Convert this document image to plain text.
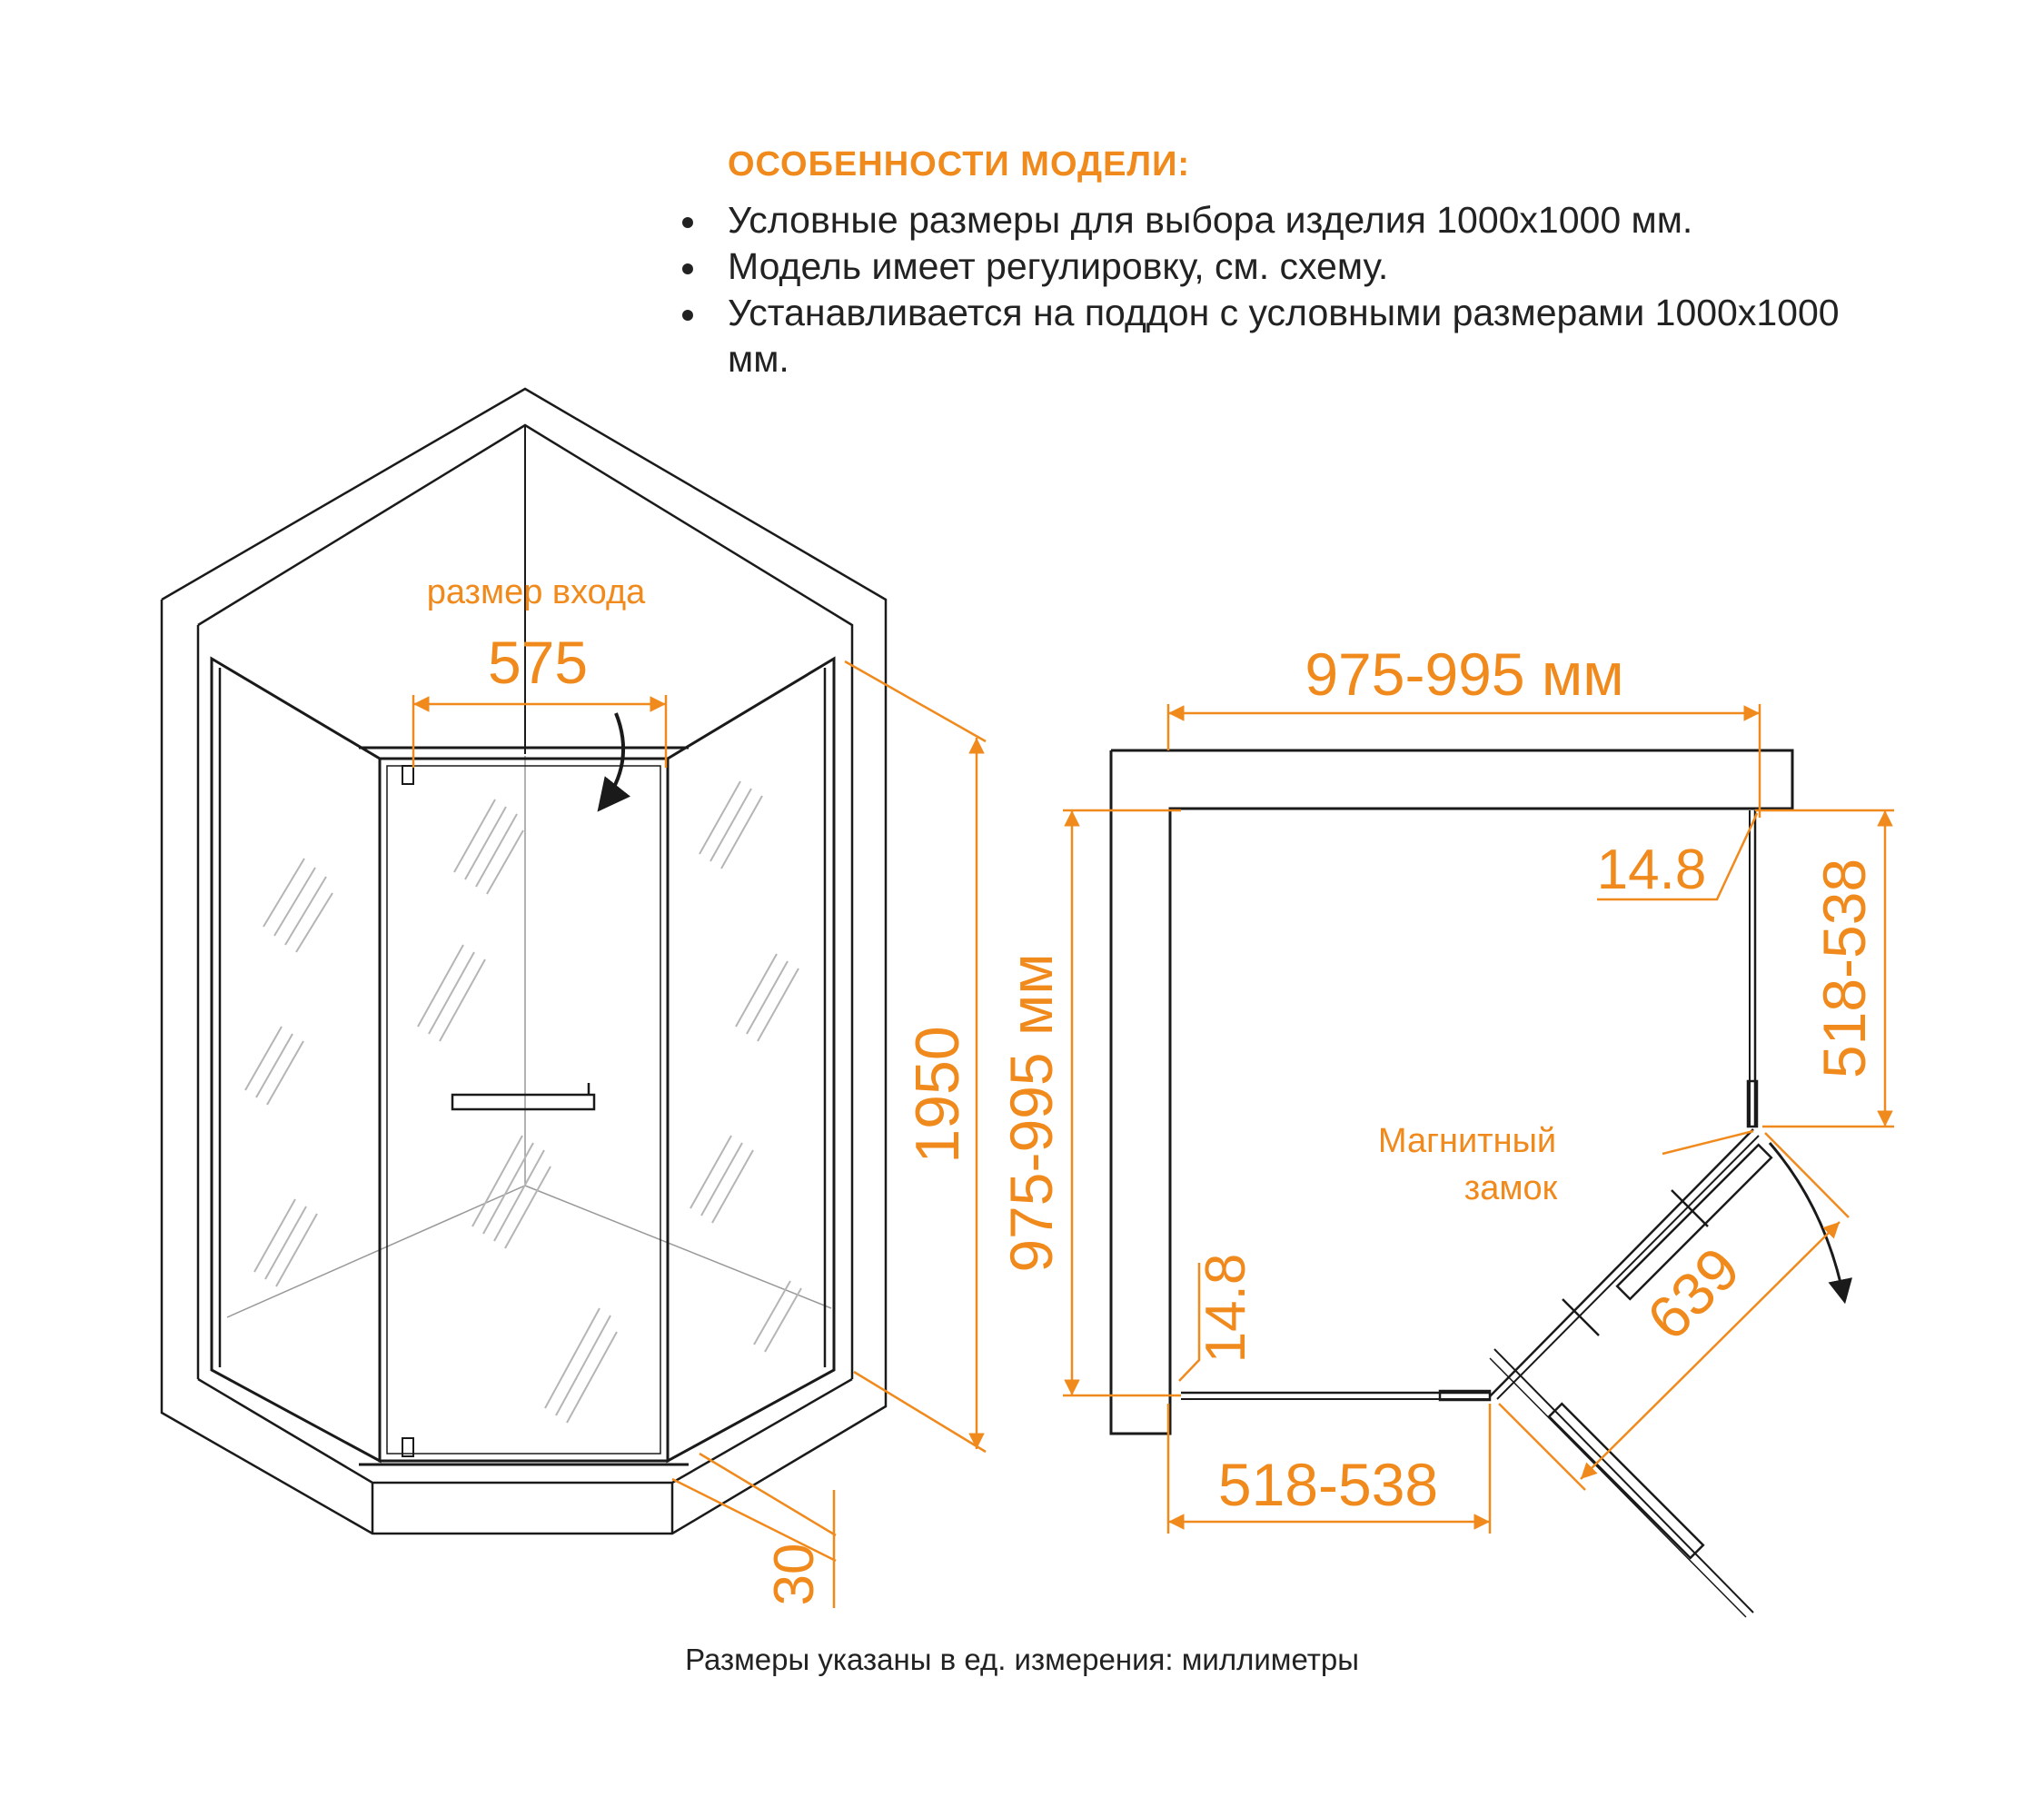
ОСОБЕННОСТИ МОДЕЛИ:
Условные размеры для выбора изделия 1000x1000 мм.
Модель имеет регулировку, см. схему.
Устанавливается на поддон с условными размерами 1000x1000 мм.
размер входа
575
1950
30
975-995 мм
975-995 мм	518-538
518-538
639
14.8
14.8
Магнитный
замок
Размеры указаны в ед. измерения: миллиметры
